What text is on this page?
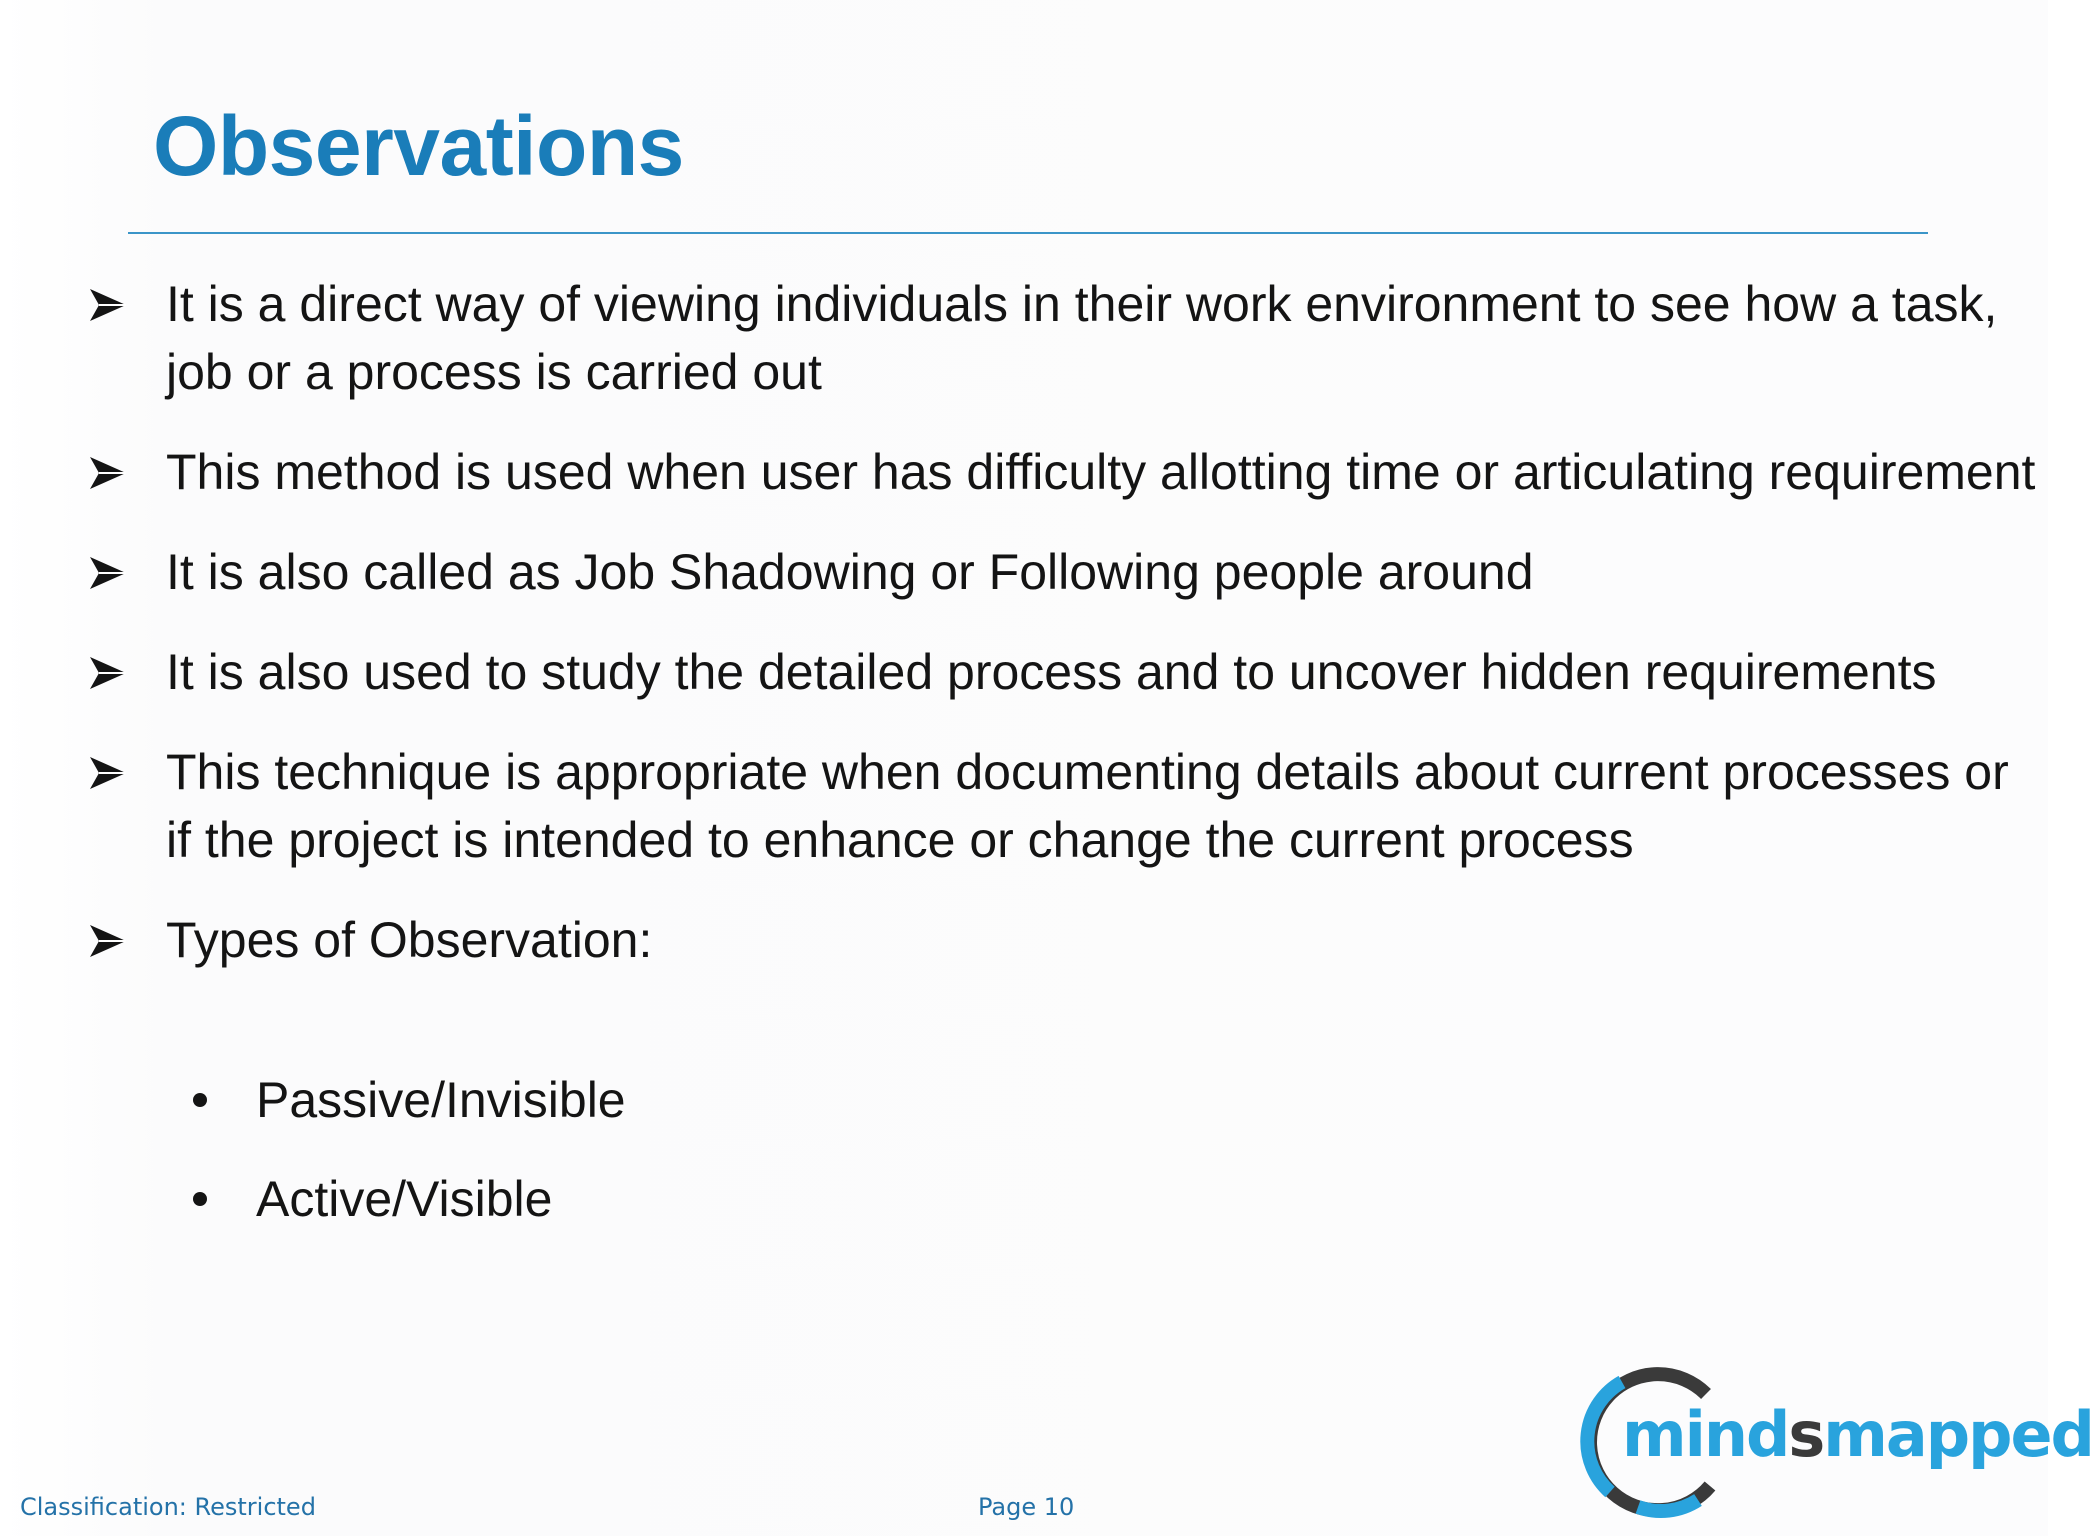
Observations
It is a direct way of viewing individuals in their work environment to see how a task, job or a process is carried out
This method is used when user has difficulty allotting time or articulating requirement
It is also called as Job Shadowing or Following people around
It is also used to study the detailed process and to uncover hidden requirements
This technique is appropriate when documenting details about current processes or if the project is intended to enhance or change the current process
Types of Observation:
Passive/Invisible
Active/Visible
mindsmapped
Classification: Restricted	Page 10
